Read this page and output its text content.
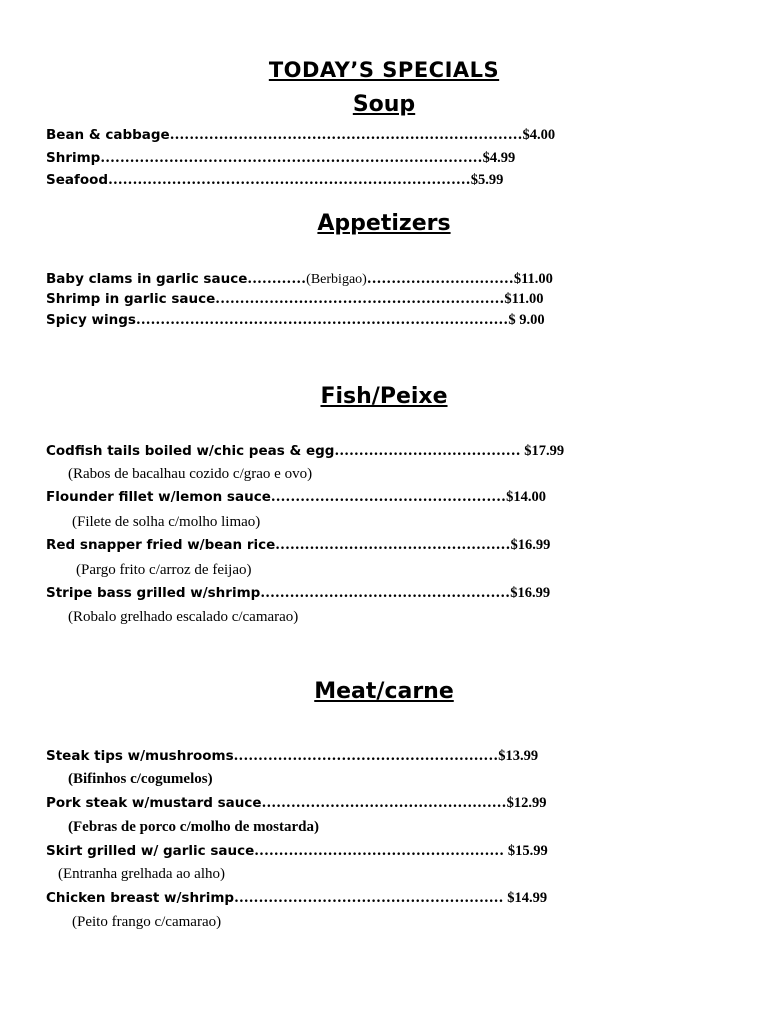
TODAY’S SPECIALS
Soup
Bean & cabbage........................................................................$4.00
Shrimp..............................................................................$4.99
Seafood..........................................................................$5.99
Appetizers
Baby clams in garlic sauce............(Berbigao)..............................$11.00
Shrimp in garlic sauce...........................................................$11.00
Spicy wings............................................................................$ 9.00
Fish/Peixe
Codfish tails boiled w/chic peas & egg...................................... $17.99
(Rabos de bacalhau cozido c/grao e ovo)
Flounder fillet w/lemon sauce................................................$14.00
(Filete de solha c/molho limao)
Red snapper fried w/bean rice................................................$16.99
(Pargo frito c/arroz de feijao)
Stripe bass grilled w/shrimp...................................................$16.99
(Robalo grelhado escalado c/camarao)
Meat/carne
Steak tips w/mushrooms......................................................$13.99
(Bifinhos c/cogumelos)
Pork steak w/mustard sauce..................................................$12.99
(Febras de porco c/molho de mostarda)
Skirt grilled w/ garlic sauce................................................... $15.99
(Entranha grelhada ao alho)
Chicken breast w/shrimp....................................................... $14.99
(Peito frango c/camarao)
